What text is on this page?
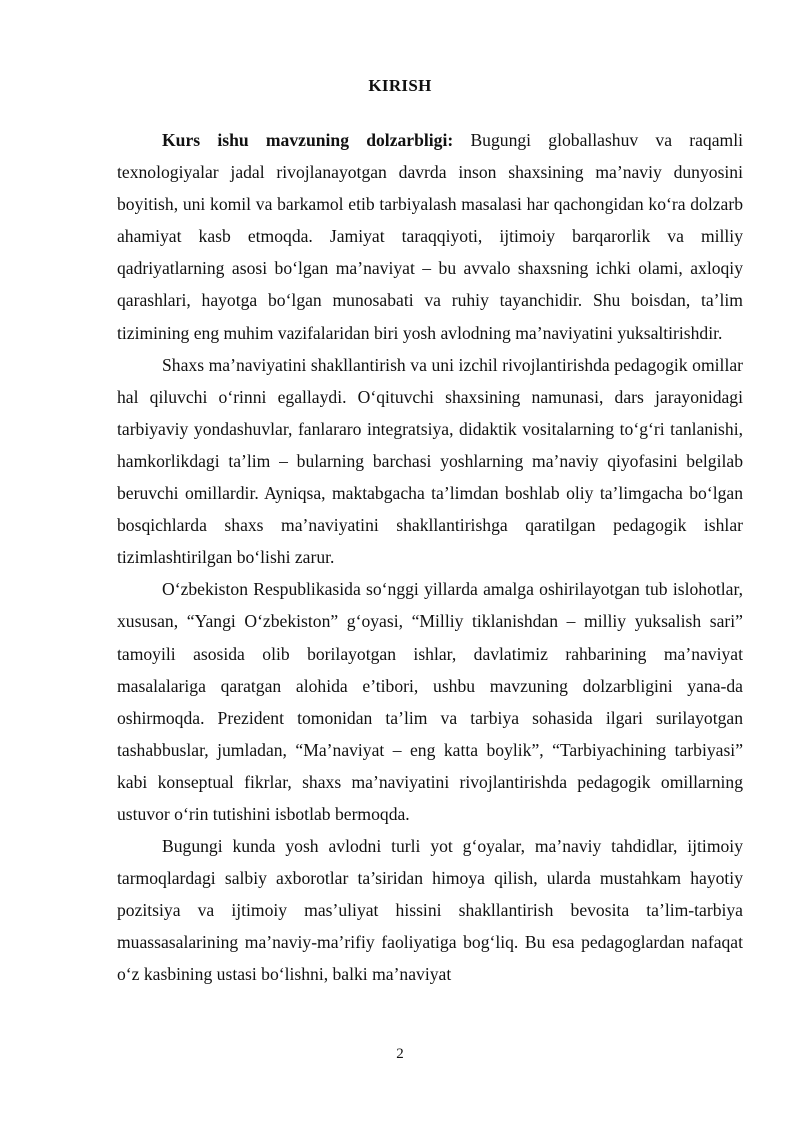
KIRISH

Kurs ishu mavzuning dolzarbligi: Bugungi globallashuv va raqamli texnologiyalar jadal rivojlanayotgan davrda inson shaxsining ma’naviy dunyosini boyitish, uni komil va barkamol etib tarbiyalash masalasi har qachongidan ko‘ra dolzarb ahamiyat kasb etmoqda. Jamiyat taraqqiyoti, ijtimoiy barqarorlik va milliy qadriyatlarning asosi bo‘lgan ma’naviyat – bu avvalo shaxsning ichki olami, axloqiy qarashlari, hayotga bo‘lgan munosabati va ruhiy tayanchidir. Shu boisdan, ta’lim tizimining eng muhim vazifalaridan biri yosh avlodning ma’naviyatini yuksaltirishdir.

Shaxs ma’naviyatini shakllantirish va uni izchil rivojlantirishda pedagogik omillar hal qiluvchi o‘rinni egallaydi. O‘qituvchi shaxsining namunasi, dars jarayonidagi tarbiyaviy yondashuvlar, fanlararo integratsiya, didaktik vositalarning to‘g‘ri tanlanishi, hamkorlikdagi ta’lim – bularning barchasi yoshlarning ma’naviy qiyofasini belgilab beruvchi omillardir. Ayniqsa, maktabgacha ta’limdan boshlab oliy ta’limgacha bo‘lgan bosqichlarda shaxs ma’naviyatini shakllantirishga qaratilgan pedagogik ishlar tizimlashtirilgan bo‘lishi zarur.

O‘zbekiston Respublikasida so‘nggi yillarda amalga oshirilayotgan tub islohotlar, xususan, “Yangi O‘zbekiston” g‘oyasi, “Milliy tiklanishdan – milliy yuksalish sari” tamoyili asosida olib borilayotgan ishlar, davlatimiz rahbarining ma’naviyat masalalariga qaratgan alohida e’tibori, ushbu mavzuning dolzarbligini yana-da oshirmoqda. Prezident tomonidan ta’lim va tarbiya sohasida ilgari surilayotgan tashabbuslar, jumladan, “Ma’naviyat – eng katta boylik”, “Tarbiyachining tarbiyasi” kabi konseptual fikrlar, shaxs ma’naviyatini rivojlantirishda pedagogik omillarning ustuvor o‘rin tutishini isbotlab bermoqda.

Bugungi kunda yosh avlodni turli yot g‘oyalar, ma’naviy tahdidlar, ijtimoiy tarmoqlardagi salbiy axborotlar ta’siridan himoya qilish, ularda mustahkam hayotiy pozitsiya va ijtimoiy mas’uliyat hissini shakllantirish bevosita ta’lim-tarbiya muassasalarining ma’naviy-ma’rifiy faoliyatiga bog‘liq. Bu esa pedagoglardan nafaqat o‘z kasbining ustasi bo‘lishni, balki ma’naviyat

2
